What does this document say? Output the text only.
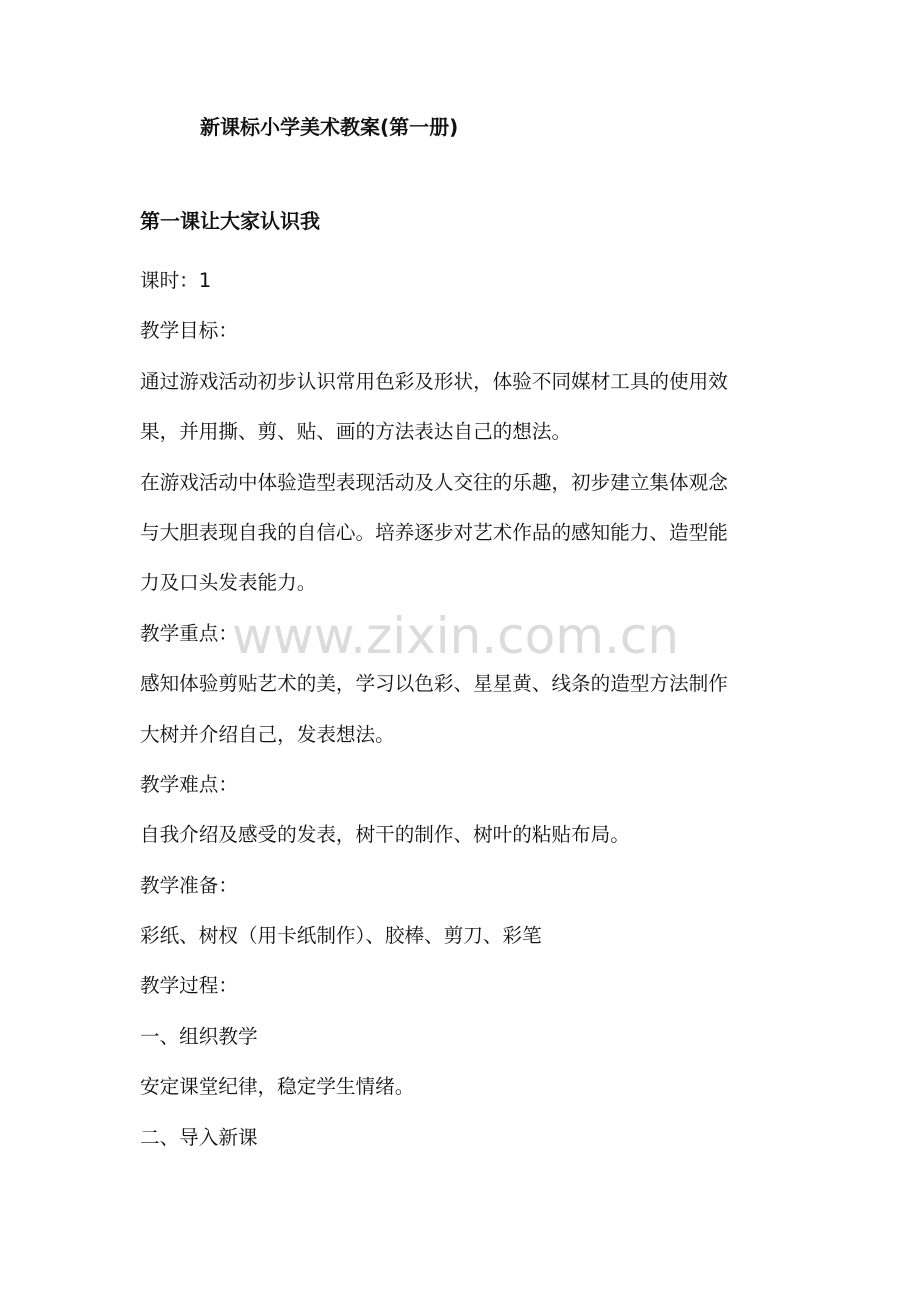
新课标小学美术教案(第一册)
第一课让大家认识我
课时：1
教学目标：
通过游戏活动初步认识常用色彩及形状，体验不同媒材工具的使用效
果，并用撕、剪、贴、画的方法表达自己的想法。
在游戏活动中体验造型表现活动及人交往的乐趣，初步建立集体观念
与大胆表现自我的自信心。培养逐步对艺术作品的感知能力、造型能
力及口头发表能力。
教学重点：
感知体验剪贴艺术的美，学习以色彩、星星黄、线条的造型方法制作
大树并介绍自己，发表想法。
教学难点：
自我介绍及感受的发表，树干的制作、树叶的粘贴布局。
教学准备：
彩纸、树杈（用卡纸制作）、胶棒、剪刀、彩笔
教学过程：
一、组织教学
安定课堂纪律，稳定学生情绪。
二、导入新课
www.zixin.com.cn
